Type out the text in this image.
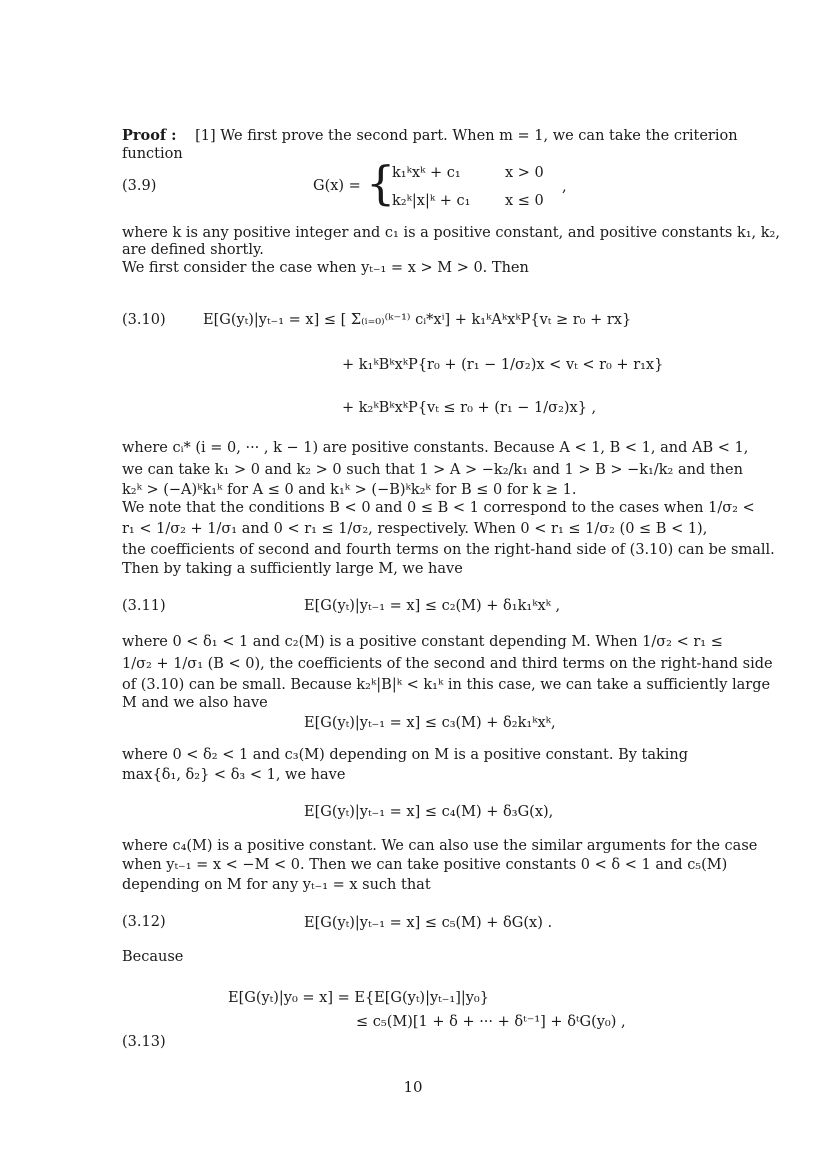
Proof : [1] We first prove the second part. When m = 1, we can take the criterion
function
(3.9)	G(x) = {
k₁ᵏxᵏ + c₁	x > 0
k₂ᵏ|x|ᵏ + c₁ x ≤ 0
,
where k is any positive integer and c₁ is a positive constant, and positive constants k₁, k₂,
are defined shortly.
We first consider the case when yₜ₋₁ = x > M > 0. Then
(3.10)	E[G(yₜ)|yₜ₋₁ = x] ≤ [ Σ₍ᵢ₌₀₎⁽ᵏ⁻¹⁾ cᵢ*xⁱ] + k₁ᵏAᵏxᵏP{vₜ ≥ r₀ + rx}
+ k₁ᵏBᵏxᵏP{r₀ + (r₁ − 1/σ₂)x < vₜ < r₀ + r₁x}
+ k₂ᵏBᵏxᵏP{vₜ ≤ r₀ + (r₁ − 1/σ₂)x} ,
where cᵢ* (i = 0, ··· , k − 1) are positive constants. Because A < 1, B < 1, and AB < 1,
we can take k₁ > 0 and k₂ > 0 such that 1 > A > −k₂/k₁ and 1 > B > −k₁/k₂ and then
k₂ᵏ > (−A)ᵏk₁ᵏ for A ≤ 0 and k₁ᵏ > (−B)ᵏk₂ᵏ for B ≤ 0 for k ≥ 1.
We note that the conditions B < 0 and 0 ≤ B < 1 correspond to the cases when 1/σ₂ <
r₁ < 1/σ₂ + 1/σ₁ and 0 < r₁ ≤ 1/σ₂, respectively. When 0 < r₁ ≤ 1/σ₂ (0 ≤ B < 1),
the coefficients of second and fourth terms on the right-hand side of (3.10) can be small.
Then by taking a sufficiently large M, we have
(3.11)	E[G(yₜ)|yₜ₋₁ = x] ≤ c₂(M) + δ₁k₁ᵏxᵏ ,
where 0 < δ₁ < 1 and c₂(M) is a positive constant depending M. When 1/σ₂ < r₁ ≤
1/σ₂ + 1/σ₁ (B < 0), the coefficients of the second and third terms on the right-hand side
of (3.10) can be small. Because k₂ᵏ|B|ᵏ < k₁ᵏ in this case, we can take a sufficiently large
M and we also have
E[G(yₜ)|yₜ₋₁ = x] ≤ c₃(M) + δ₂k₁ᵏxᵏ,
where 0 < δ₂ < 1 and c₃(M) depending on M is a positive constant. By taking
max{δ₁, δ₂} < δ₃ < 1, we have
E[G(yₜ)|yₜ₋₁ = x] ≤ c₄(M) + δ₃G(x),
where c₄(M) is a positive constant. We can also use the similar arguments for the case
when yₜ₋₁ = x < −M < 0. Then we can take positive constants 0 < δ < 1 and c₅(M)
depending on M for any yₜ₋₁ = x such that
(3.12)	E[G(yₜ)|yₜ₋₁ = x] ≤ c₅(M) + δG(x) .
Because
E[G(yₜ)|y₀ = x] = E{E[G(yₜ)|yₜ₋₁]|y₀}
≤ c₅(M)[1 + δ + ··· + δᵗ⁻¹] + δᵗG(y₀) ,
(3.13)
10
